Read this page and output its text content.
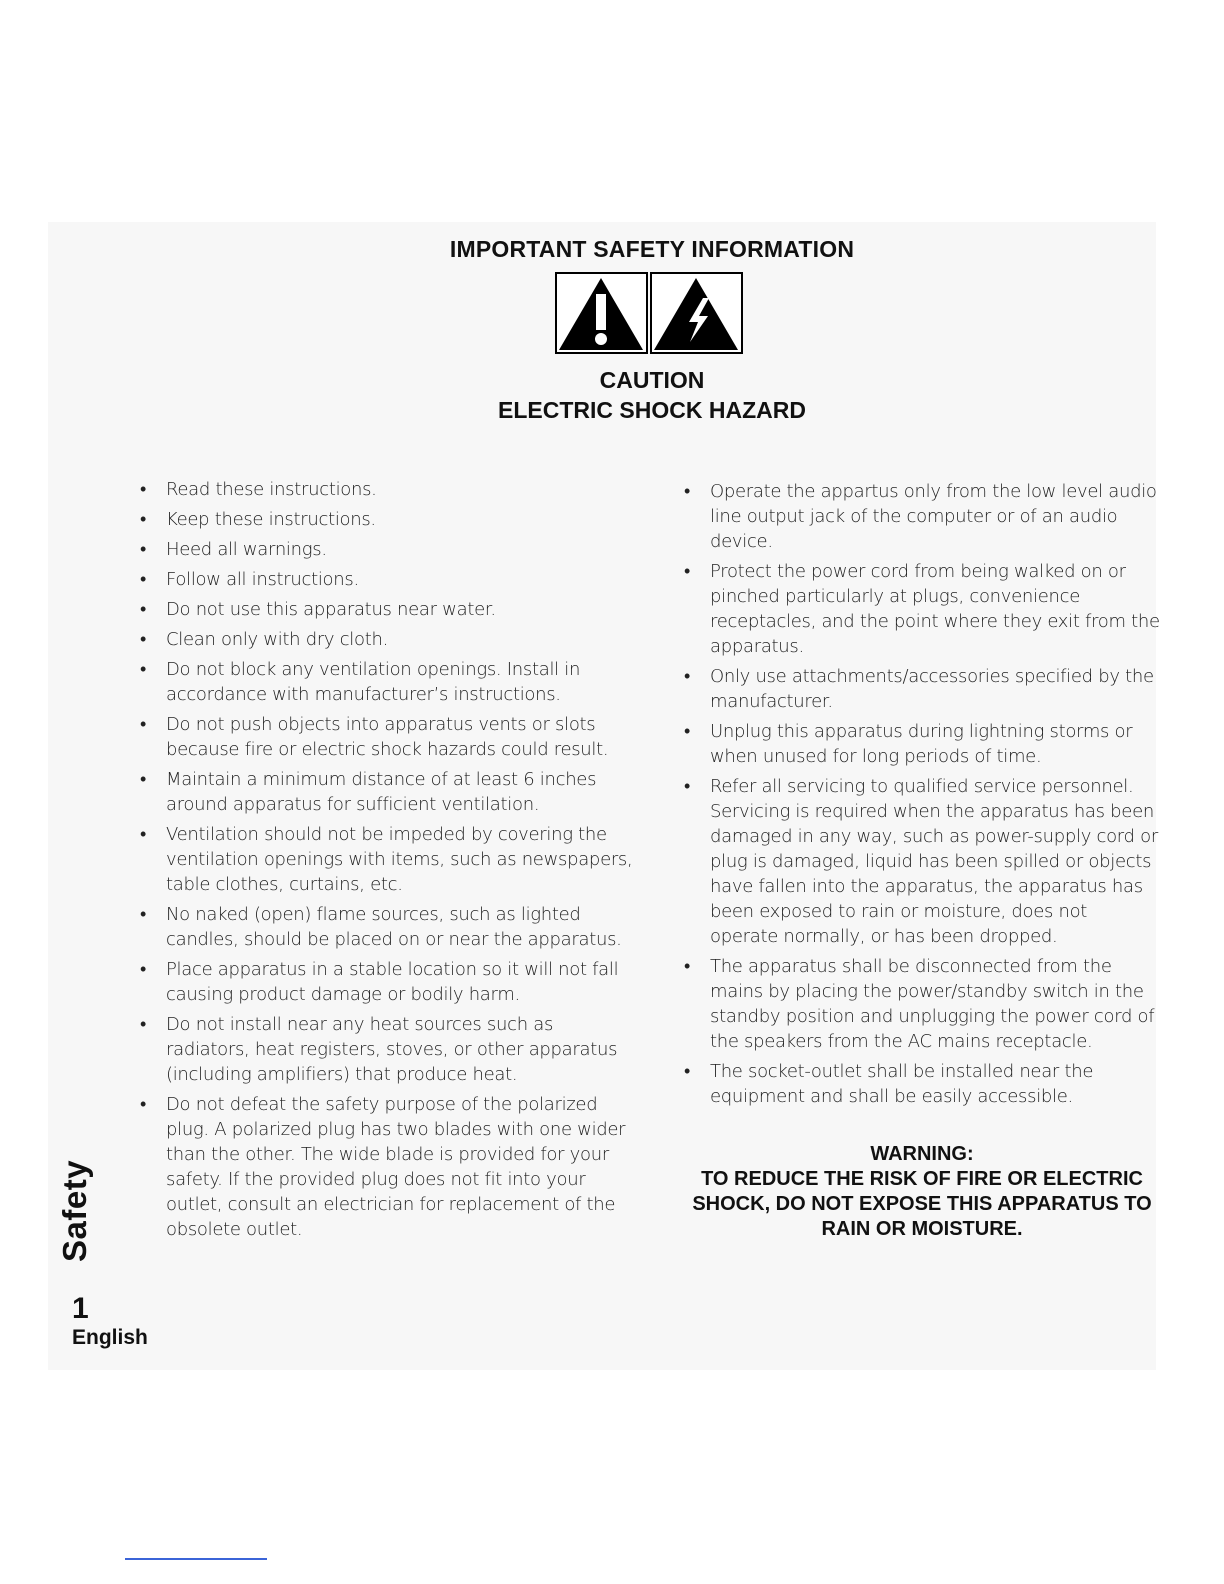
IMPORTANT SAFETY INFORMATION
CAUTION
ELECTRIC SHOCK HAZARD
• Read these instructions.
• Keep these instructions.
• Heed all warnings.
• Follow all instructions.
• Do not use this apparatus near water.
• Clean only with dry cloth.
• Do not block any ventilation openings. Install in accordance with manufacturer’s instructions.
• Do not push objects into apparatus vents or slots because fire or electric shock hazards could result.
• Maintain a minimum distance of at least 6 inches around apparatus for sufficient ventilation.
• Ventilation should not be impeded by covering the ventilation openings with items, such as newspapers, table clothes, curtains, etc.
• No naked (open) flame sources, such as lighted candles, should be placed on or near the apparatus.
• Place apparatus in a stable location so it will not fall causing product damage or bodily harm.
• Do not install near any heat sources such as radiators, heat registers, stoves, or other apparatus (including amplifiers) that produce heat.
• Do not defeat the safety purpose of the polarized plug. A polarized plug has two blades with one wider than the other. The wide blade is provided for your safety. If the provided plug does not fit into your outlet, consult an electrician for replacement of the obsolete outlet.
• Operate the appartus only from the low level audio line output jack of the computer or of an audio device.
• Protect the power cord from being walked on or pinched particularly at plugs, convenience receptacles, and the point where they exit from the apparatus.
• Only use attachments/accessories specified by the manufacturer.
• Unplug this apparatus during lightning storms or when unused for long periods of time.
• Refer all servicing to qualified service personnel. Servicing is required when the apparatus has been damaged in any way, such as power-supply cord or plug is damaged, liquid has been spilled or objects have fallen into the apparatus, the apparatus has been exposed to rain or moisture, does not operate normally, or has been dropped.
• The apparatus shall be disconnected from the mains by placing the power/standby switch in the standby position and unplugging the power cord of the speakers from the AC mains receptacle.
• The socket-outlet shall be installed near the equipment and shall be easily accessible.
WARNING:
TO REDUCE THE RISK OF FIRE OR ELECTRIC SHOCK, DO NOT EXPOSE THIS APPARATUS TO RAIN OR MOISTURE.
Safety
1
English
